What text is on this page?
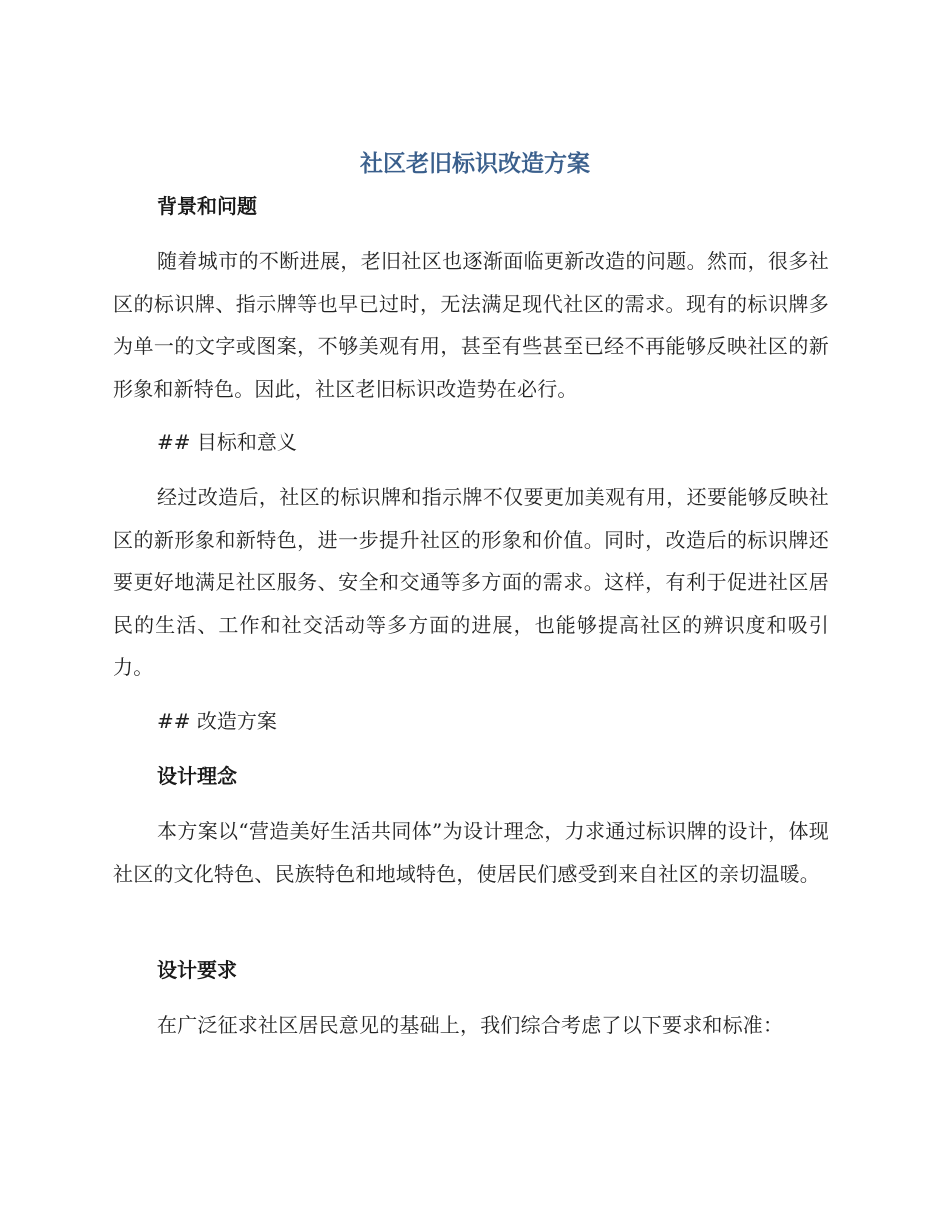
社区老旧标识改造方案
背景和问题

随着城市的不断进展，老旧社区也逐渐面临更新改造的问题。然而，很多社区的标识牌、指示牌等也早已过时，无法满足现代社区的需求。现有的标识牌多为单一的文字或图案，不够美观有用，甚至有些甚至已经不再能够反映社区的新形象和新特色。因此，社区老旧标识改造势在必行。

## 目标和意义

经过改造后，社区的标识牌和指示牌不仅要更加美观有用，还要能够反映社区的新形象和新特色，进一步提升社区的形象和价值。同时，改造后的标识牌还要更好地满足社区服务、安全和交通等多方面的需求。这样，有利于促进社区居民的生活、工作和社交活动等多方面的进展，也能够提高社区的辨识度和吸引力。

## 改造方案

设计理念

本方案以“营造美好生活共同体”为设计理念，力求通过标识牌的设计，体现社区的文化特色、民族特色和地域特色，使居民们感受到来自社区的亲切温暖。

设计要求

在广泛征求社区居民意见的基础上，我们综合考虑了以下要求和标准：
